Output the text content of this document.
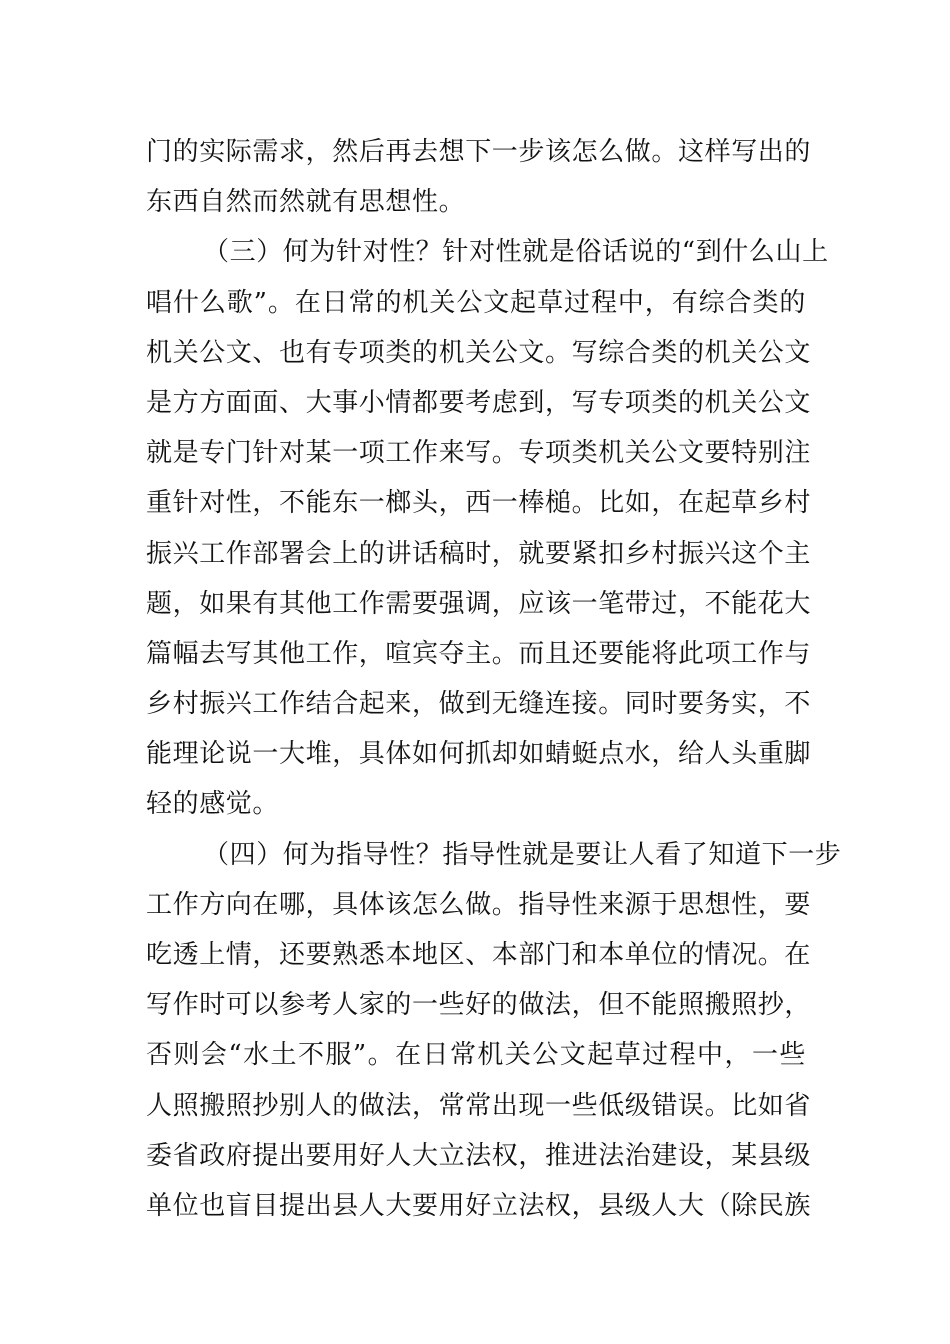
门的实际需求，然后再去想下一步该怎么做。这样写出的
东西自然而然就有思想性。
（三）何为针对性？针对性就是俗话说的“到什么山上
唱什么歌”。在日常的机关公文起草过程中，有综合类的
机关公文、也有专项类的机关公文。写综合类的机关公文
是方方面面、大事小情都要考虑到，写专项类的机关公文
就是专门针对某一项工作来写。专项类机关公文要特别注
重针对性，不能东一榔头，西一棒槌。比如，在起草乡村
振兴工作部署会上的讲话稿时，就要紧扣乡村振兴这个主
题，如果有其他工作需要强调，应该一笔带过，不能花大
篇幅去写其他工作，喧宾夺主。而且还要能将此项工作与
乡村振兴工作结合起来，做到无缝连接。同时要务实，不
能理论说一大堆，具体如何抓却如蜻蜓点水，给人头重脚
轻的感觉。
（四）何为指导性？指导性就是要让人看了知道下一步
工作方向在哪，具体该怎么做。指导性来源于思想性，要
吃透上情，还要熟悉本地区、本部门和本单位的情况。在
写作时可以参考人家的一些好的做法，但不能照搬照抄，
否则会“水土不服”。在日常机关公文起草过程中，一些
人照搬照抄别人的做法，常常出现一些低级错误。比如省
委省政府提出要用好人大立法权，推进法治建设，某县级
单位也盲目提出县人大要用好立法权，县级人大（除民族
